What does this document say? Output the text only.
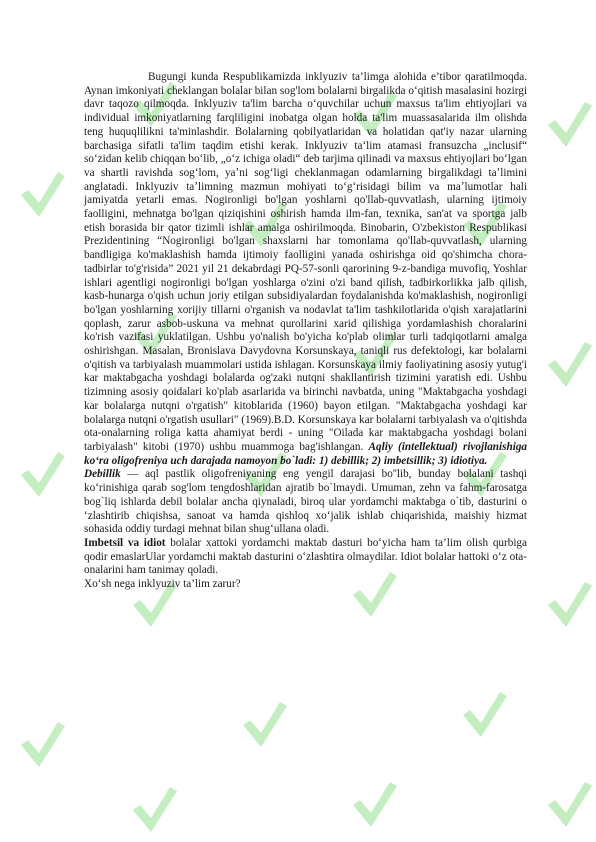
Bugungi kunda Respublikamizda inklyuziv ta’limga alohida e’tibor qaratilmoqda. Aynan imkoniyati cheklangan bolalar bilan sog'lom bolalarni birgalikda oʻqitish masalasini hozirgi davr taqozo qilmoqda. Inklyuziv ta'lim barcha oʻquvchilar uchun maxsus ta'lim ehtiyojlari va individual imkoniyatlarning farqliligini inobatga olgan holda ta'lim muassasalarida ilm olishda teng huquqlilikni ta'minlashdir. Bolalarning qobilyatlaridan va holatidan qat'iy nazar ularning barchasiga sifatli ta'lim taqdim etishi kerak. Inklyuziv taʻlim atamasi fransuzcha „inclusif“ soʻzidan kelib chiqqan boʻlib, „oʻz ichiga oladi“ deb tarjima qilinadi va maxsus ehtiyojlari boʻlgan va shartli ravishda sogʻlom, yaʼni sogʻligi cheklanmagan odamlarning birgalikdagi taʼlimini anglatadi. Inklyuziv taʼlimning mazmun mohiyati toʻgʻrisidagi bilim va maʼlumotlar hali jamiyatda yetarli emas. Nogironligi bo'lgan yoshlarni qo'llab-quvvatlash, ularning ijtimoiy faolligini, mehnatga bo'lgan qiziqishini oshirish hamda ilm-fan, texnika, san'at va sportga jalb etish borasida bir qator tizimli ishlar amalga oshirilmoqda. Binobarin, O'zbekiston Respublikasi Prezidentining “Nogironligi bo'lgan shaxslarni har tomonlama qo'llab-quvvatlash, ularning bandligiga ko'maklashish hamda ijtimoiy faolligini yanada oshirishga oid qo'shimcha chora-tadbirlar to'g'risida” 2021 yil 21 dekabrdagi PQ-57-sonli qarorining 9-z-bandiga muvofiq, Yoshlar ishlari agentligi nogironligi bo'lgan yoshlarga o'zini o'zi band qilish, tadbirkorlikka jalb qilish, kasb-hunarga o'qish uchun joriy etilgan subsidiyalardan foydalanishda ko'maklashish, nogironligi bo'lgan yoshlarning xorijiy tillarni o'rganish va nodavlat ta'lim tashkilotlarida o'qish xarajatlarini qoplash, zarur asbob-uskuna va mehnat qurollarini xarid qilishiga yordamlashish choralarini ko'rish vazifasi yuklatilgan. Ushbu yo'nalish bo'yicha ko'plab olimlar turli tadqiqotlarni amalga oshirishgan. Masalan, Bronislava Davydovna Korsunskaya, taniqli rus defektologi, kar bolalarni o'qitish va tarbiyalash muammolari ustida ishlagan. Korsunskaya ilmiy faoliyatining asosiy yutug'i kar maktabgacha yoshdagi bolalarda og'zaki nutqni shakllantirish tizimini yaratish edi. Ushbu tizimning asosiy qoidalari ko'plab asarlarida va birinchi navbatda, uning "Maktabgacha yoshdagi kar bolalarga nutqni o'rgatish" kitoblarida (1960) bayon etilgan. "Maktabgacha yoshdagi kar bolalarga nutqni o'rgatish usullari" (1969).B.D. Korsunskaya kar bolalarni tarbiyalash va o'qitishda ota-onalarning roliga katta ahamiyat berdi - uning "Oilada kar maktabgacha yoshdagi bolani tarbiyalash" kitobi (1970) ushbu muammoga bag'ishlangan. Aqliy (intellektual) rivojlanishiga koʻra oligofreniya uch darajada namoyon bo`ladi: 1) debillik; 2) imbetsillik; 3) idiotiya.

Debillik — aql pastlik oligofreniyaning eng yengil darajasi bo''lib, bunday bolalani tashqi koʻrinishiga qarab sog'lom tengdoshlaridan ajratib bo`lmaydi. Umuman, zehn va fahm-farosatga bog`liq ishlarda debil bolalar ancha qiynaladi, biroq ular yordamchi maktabga o`tib, dasturini o ‘zlashtirib chiqishsa, sanoat va hamda qishloq xoʻjalik ishlab chiqarishida, maishiy hizmat sohasida oddiy turdagi mehnat bilan shugʻullana oladi.

Imbetsil va idiot bolalar xattoki yordamchi maktab dasturi boʻyicha ham ta’lim olish qurbiga qodir emaslarUlar yordamchi maktab dasturini oʻzlashtira olmaydilar. Idiot bolalar hattoki oʻz ota-onalarini ham tanimay qoladi.

Xoʻsh nega inklyuziv ta’lim zarur?
